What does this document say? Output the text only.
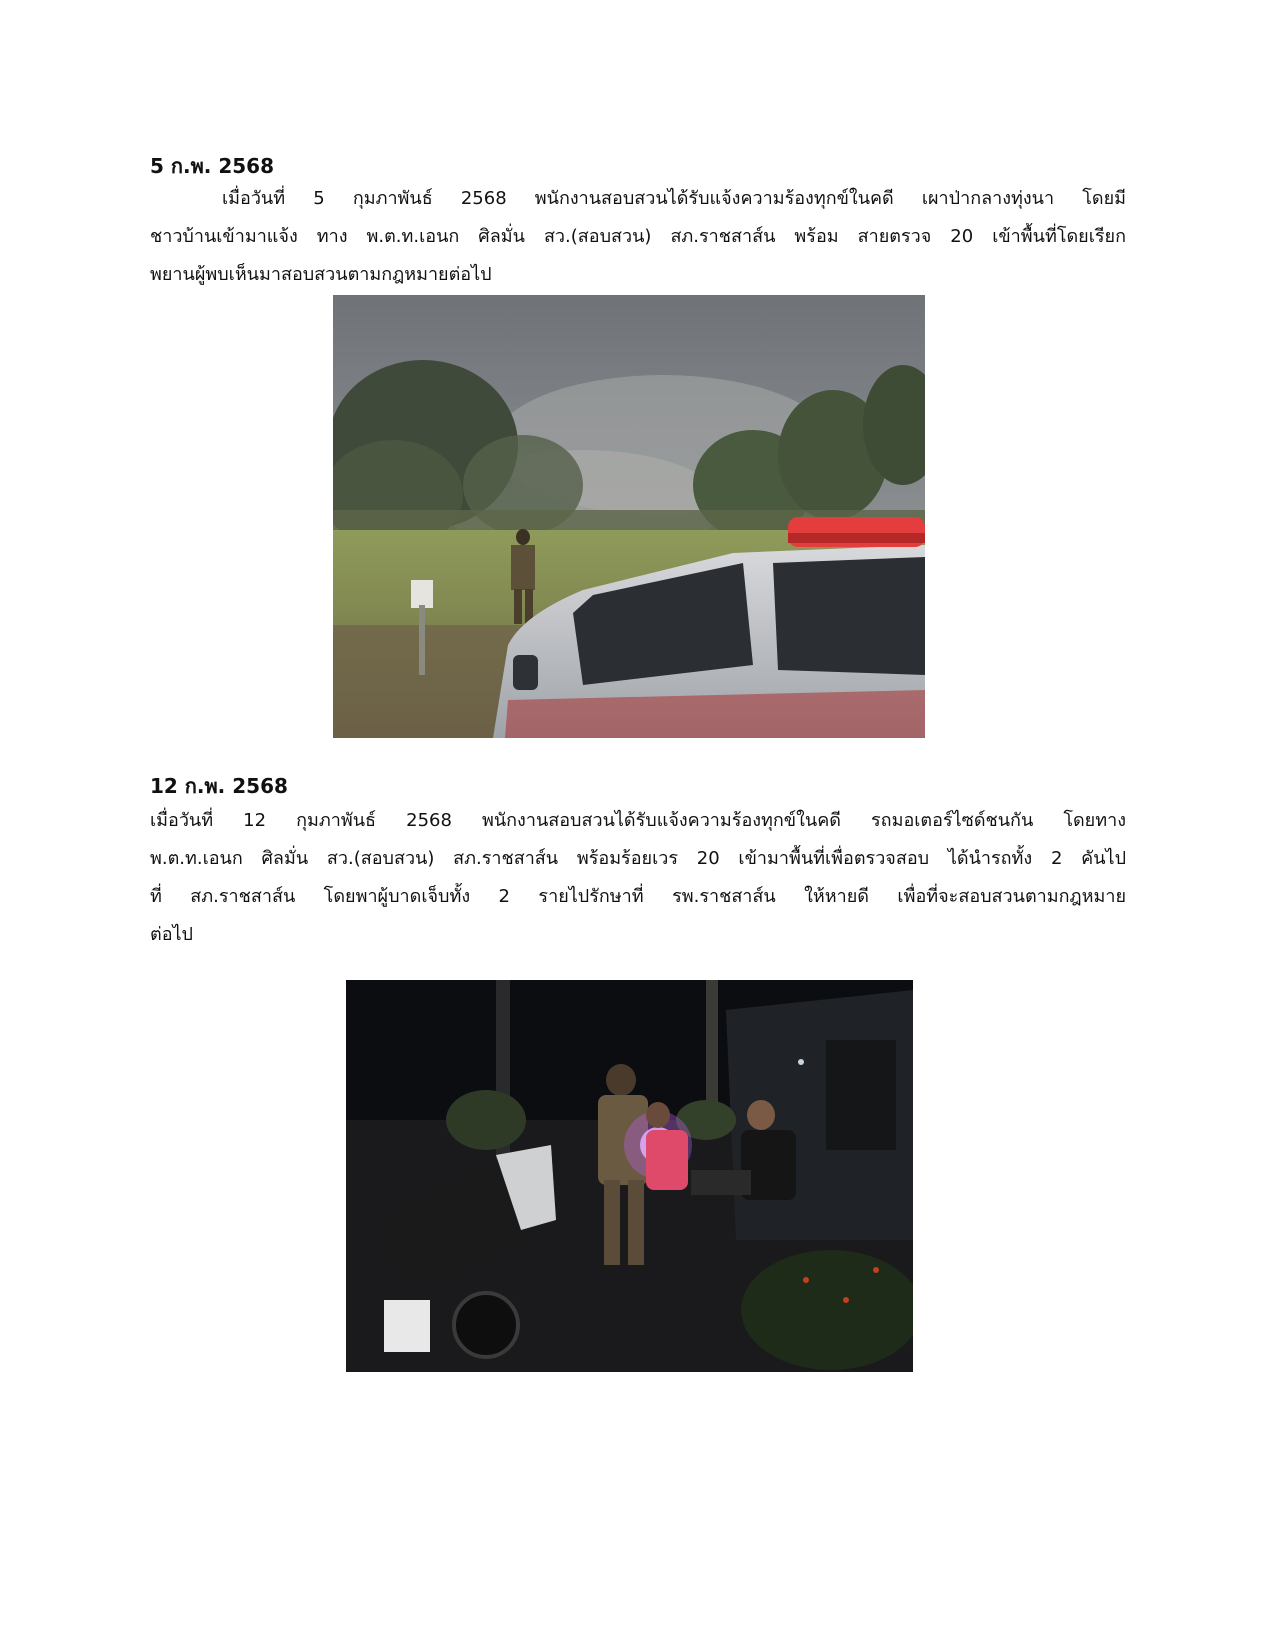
5 ก.พ. 2568

เมื่อวันที่ 5 กุมภาพันธ์ 2568 พนักงานสอบสวนได้รับแจ้งความร้องทุกข์ในคดี เผาป่ากลางทุ่งนา โดยมี
ชาวบ้านเข้ามาแจ้ง ทาง พ.ต.ท.เอนก ศิลมั่น สว.(สอบสวน) สภ.ราชสาส์น พร้อม สายตรวจ 20 เข้าพื้นที่โดยเรียก
พยานผู้พบเห็นมาสอบสวนตามกฎหมายต่อไป

12 ก.พ. 2568

เมื่อวันที่ 12 กุมภาพันธ์ 2568 พนักงานสอบสวนได้รับแจ้งความร้องทุกข์ในคดี รถมอเตอร์ไซด์ชนกัน โดยทาง
พ.ต.ท.เอนก ศิลมั่น สว.(สอบสวน) สภ.ราชสาส์น พร้อมร้อยเวร 20 เข้ามาพื้นที่เพื่อตรวจสอบ ได้นำรถทั้ง 2 คันไป
ที่ สภ.ราชสาส์น โดยพาผู้บาดเจ็บทั้ง 2 รายไปรักษาที่ รพ.ราชสาส์น ให้หายดี เพื่อที่จะสอบสวนตามกฎหมาย
ต่อไป
